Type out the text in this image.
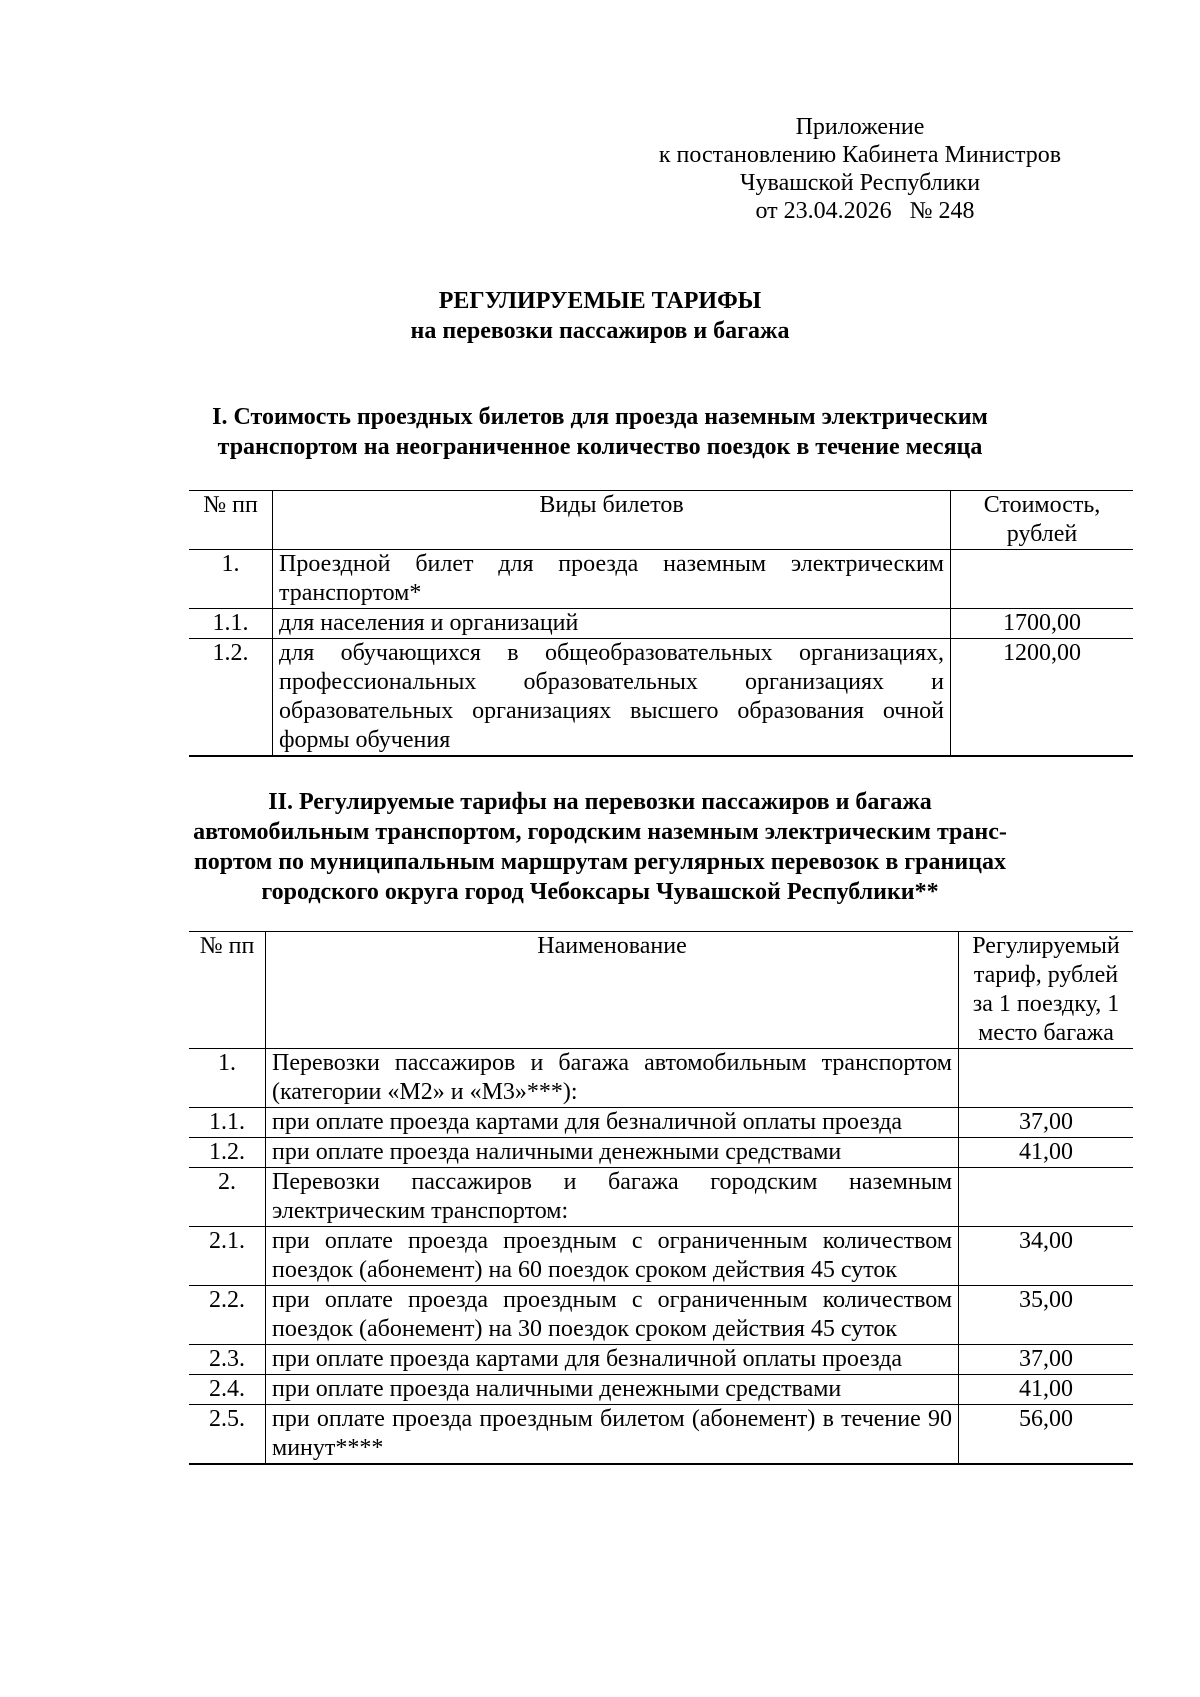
Приложение
к постановлению Кабинета Министров
Чувашской Республики
от 23.04.2026   № 248
РЕГУЛИРУЕМЫЕ ТАРИФЫ
на перевозки пассажиров и багажа
I. Стоимость проездных билетов для проезда наземным электрическим
транспортом на неограниченное количество поездок в течение месяца
№ пп	Виды билетов	Стоимость, рублей
1.	Проездной билет для проезда наземным электрическим транспортом*	
1.1.	для населения и организаций	1700,00
1.2.	для обучающихся в общеобразовательных организациях, профессиональных образовательных организациях и образовательных организациях высшего образования очной формы обучения	1200,00
II. Регулируемые тарифы на перевозки пассажиров и багажа
автомобильным транспортом, городским наземным электрическим транс-
портом по муниципальным маршрутам регулярных перевозок в границах
городского округа город Чебоксары Чувашской Республики**
№ пп	Наименование	Регулируемый тариф, рублей за 1 поездку, 1 место багажа
1.	Перевозки пассажиров и багажа автомобильным транспортом (категории «М2» и «М3»***):	
1.1.	при оплате проезда картами для безналичной оплаты проезда	37,00
1.2.	при оплате проезда наличными денежными средствами	41,00
2.	Перевозки пассажиров и багажа городским наземным электрическим транспортом:	
2.1.	при оплате проезда проездным с ограниченным количеством поездок (абонемент) на 60 поездок сроком действия 45 суток	34,00
2.2.	при оплате проезда проездным с ограниченным количеством поездок (абонемент) на 30 поездок сроком действия 45 суток	35,00
2.3.	при оплате проезда картами для безналичной оплаты проезда	37,00
2.4.	при оплате проезда наличными денежными средствами	41,00
2.5.	при оплате проезда проездным билетом (абонемент) в течение 90 минут****	56,00
